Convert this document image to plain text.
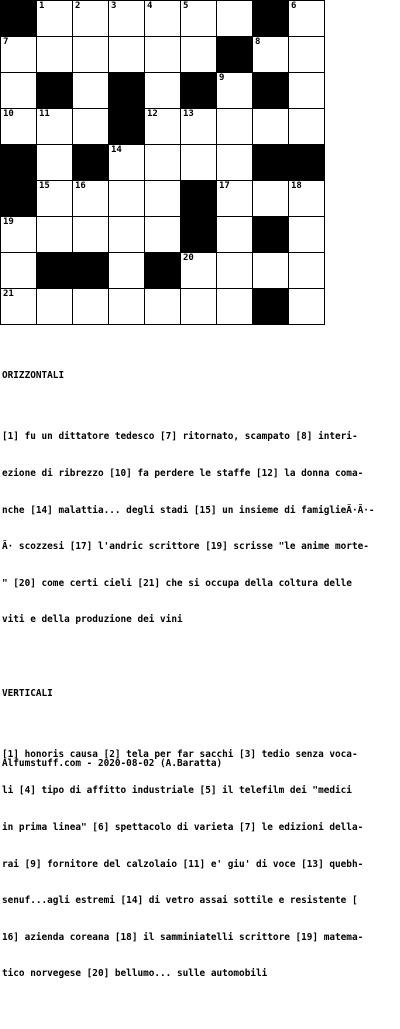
	1	2	3	4	5			6

7							8	

						9		

10	11			12	13			

			14					

	15	16				17		18

19								

					20			

21								

ORIZZONTALI

[1] fu un dittatore tedesco [7] ritornato, scampato [8] interi-

ezione di ribrezzo [10] fa perdere le staffe [12] la donna coma-

nche [14] malattia... degli stadi [15] un insieme di famiglieÃ·Ã·-

Ã· scozzesi [17] l'andric scrittore [19] scrisse "le anime morte-

" [20] come certi cieli [21] che si occupa della coltura delle

viti e della produzione dei vini

VERTICALI

[1] honoris causa [2] tela per far sacchi [3] tedio senza voca-

li [4] tipo di affitto industriale [5] il telefilm dei "medici

in prima linea" [6] spettacolo di varieta [7] le edizioni della-

rai [9] fornitore del calzolaio [11] e' giu' di voce [13] quebh-

senuf...agli estremi [14] di vetro assai sottile e resistente [

16] azienda coreana [18] il samminiatelli scrittore [19] matema-

tico norvegese [20] bellumo... sulle automobili

Alfumstuff.com - 2020-08-02 (A.Baratta)
